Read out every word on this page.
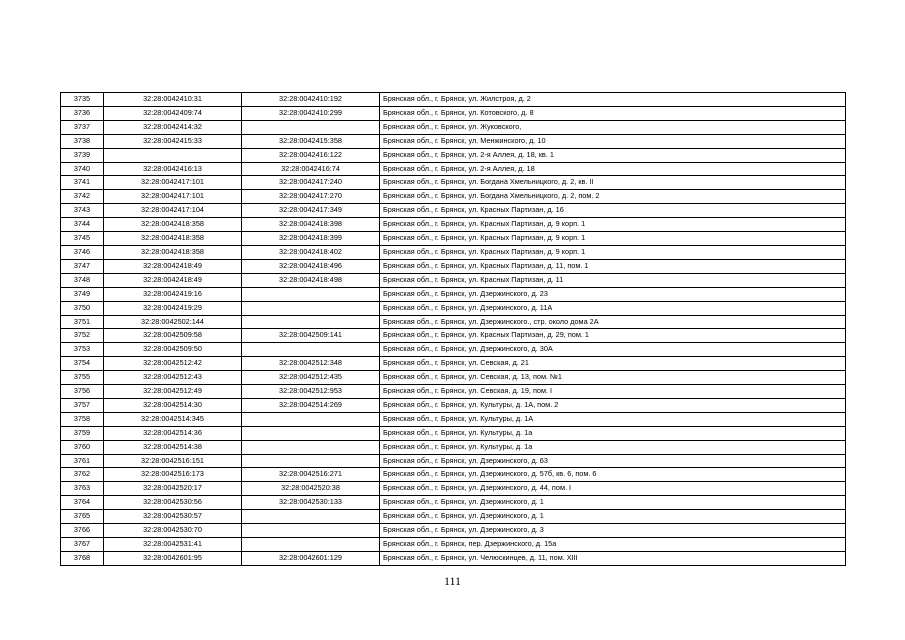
3735	32:28:0042410:31	32:28:0042410:192	Брянская обл., г. Брянск, ул. Жилстроя, д. 2
3736	32:28:0042409:74	32:28:0042410:299	Брянская обл., г. Брянск, ул. Котовского, д. 8
3737	32:28:0042414:32		Брянская обл., г. Брянск, ул. Жуковского,
3738	32:28:0042415:33	32:28:0042415:358	Брянская обл., г. Брянск, ул. Менжинского, д. 10
3739		32:28:0042416:122	Брянская обл., г. Брянск, ул. 2-я Аллея, д. 18, кв. 1
3740	32:28:0042416:13	32:28:0042416:74	Брянская обл., г. Брянск, ул. 2-я Аллея, д. 18
3741	32:28:0042417:101	32:28:0042417:240	Брянская обл., г. Брянск, ул. Богдана Хмельницкого, д. 2, кв. II
3742	32:28:0042417:101	32:28:0042417:270	Брянская обл., г. Брянск, ул. Богдана Хмельницкого, д. 2, пом. 2
3743	32:28:0042417:104	32:28:0042417:349	Брянская обл., г. Брянск, ул. Красных Партизан, д. 16
3744	32:28:0042418:358	32:28:0042418:398	Брянская обл., г. Брянск, ул. Красных Партизан, д. 9 корп. 1
3745	32:28:0042418:358	32:28:0042418:399	Брянская обл., г. Брянск, ул. Красных Партизан, д. 9 корп. 1
3746	32:28:0042418:358	32:28:0042418:402	Брянская обл., г. Брянск, ул. Красных Партизан, д. 9 корп. 1
3747	32:28:0042418:49	32:28:0042418:496	Брянская обл., г. Брянск, ул. Красных Партизан, д. 11, пом. 1
3748	32:28:0042418:49	32:28:0042418:498	Брянская обл., г. Брянск, ул. Красных Партизан, д. 11
3749	32:28:0042419:16		Брянская обл., г. Брянск, ул. Дзержинского, д. 23
3750	32:28:0042419:29		Брянская обл., г. Брянск, ул. Дзержинского, д. 11А
3751	32:28:0042502:144		Брянская обл., г. Брянск, ул. Дзержинского., стр. около дома 2А
3752	32:28:0042509:58	32:28:0042509:141	Брянская обл., г. Брянск, ул. Красных Партизан, д. 29, пом. 1
3753	32:28:0042509:50		Брянская обл., г. Брянск, ул. Дзержинского, д. 30А
3754	32:28:0042512:42	32:28:0042512:348	Брянская обл., г. Брянск, ул. Севская, д. 21
3755	32:28:0042512:43	32:28:0042512:435	Брянская обл., г. Брянск, ул. Севская, д. 13, пом. №1
3756	32:28:0042512:49	32:28:0042512:953	Брянская обл., г. Брянск, ул. Севская, д. 19, пом. I
3757	32:28:0042514:30	32:28:0042514:269	Брянская обл., г. Брянск, ул. Культуры, д. 1А, пом. 2
3758	32:28:0042514:345		Брянская обл., г. Брянск, ул. Культуры, д. 1А
3759	32:28:0042514:36		Брянская обл., г. Брянск, ул. Культуры, д. 1а
3760	32:28:0042514:38		Брянская обл., г. Брянск, ул. Культуры, д. 1а
3761	32:28:0042516:151		Брянская обл., г. Брянск, ул. Дзержинского, д. 63
3762	32:28:0042516:173	32:28:0042516:271	Брянская обл., г. Брянск, ул. Дзержинского, д. 57б, кв. 6, пом. 6
3763	32:28:0042520:17	32:28:0042520:38	Брянская обл., г. Брянск, ул. Дзержинского, д. 44, пом. I
3764	32:28:0042530:56	32:28:0042530:133	Брянская обл., г. Брянск, ул. Дзержинского, д. 1
3765	32:28:0042530:57		Брянская обл., г. Брянск, ул. Дзержинского, д. 1
3766	32:28:0042530:70		Брянская обл., г. Брянск, ул. Дзержинского, д. 3
3767	32:28:0042531:41		Брянская обл., г. Брянск, пер. Дзержинского, д. 15а
3768	32:28:0042601:95	32:28:0042601:129	Брянская обл., г. Брянск, ул. Челюскинцев, д. 11, пом. XIII
111
